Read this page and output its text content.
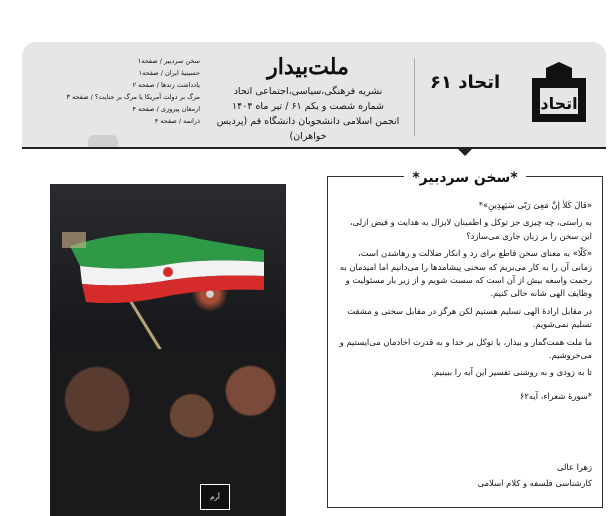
اتحاد
اتحاد ۶۱
ملت‌بیدار
نشریه فرهنگی،سیاسی،اجتماعی اتحاد
شماره شصت و یکم ۶۱ / تیر ماه ۱۴۰۴
انجمن اسلامی دانشجویان دانشگاه قم (پردیس خواهران)
سخن سردبیر / صفحه۱
حسینیهٔ ایران / صفحه۱
یادداشت زندها / صفحه ۲
مرگ بر دولت آمریکا یا مرگ بر جنایت؟ / صفحه ۳
ارمغان پیروزی / صفحه ۴
ذرانمه / صفحه ۴
آرم
*سخن سردبیر*

«قالَ کَلاٰ إنَّ مَعِیَ رَبّی سَیَهدِینِ»*

به راستی، چه چیزی جز توکل و اطمینان لایزال به هدایت و فیض ازلی، این سخن را بر زبان جاری می‌سازد؟

«کَلّا» به معنای سخن قاطع برای رد و انکار ضلالت و رهاشدن است، زمانی آن را به کار می‌بریم که سخنی پیشامدها را می‌دانیم اما امیدمان به رحمت واسعه بیش از آن است که سست شویم و از زیر بار مسئولیت و وظایف الهی شانه خالی کنیم.

در مقابل ارادهٔ الهی تسلیم هستیم لکن هرگز در مقابل سختی و مشقت تسلیم نمی‌شویم.

ما ملت همت‌گمار و بیدار، با توکل بر خدا و به قدرت اخادمان می‌ایستیم و می‌خروشیم.

تا به زودی و به روشنی تفسیر این آیه را ببینیم.

*سورهٔ شعراء، آیه۶۲

زهرا عالی
کارشناسی فلسفه و کلام اسلامی
